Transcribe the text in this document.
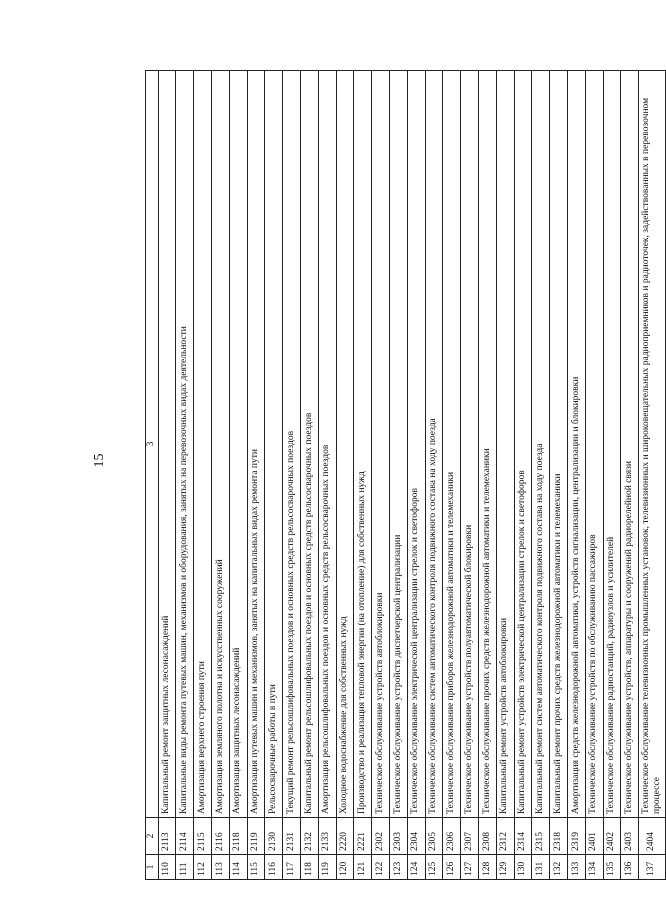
15
1	2	3
110	2113	Капитальный ремонт защитных лесонасаждений
111	2114	Капитальные виды ремонта путевых машин, механизмов и оборудования, занятых на перевозочных видах деятельности
112	2115	Амортизация верхнего строения пути
113	2116	Амортизация земляного полотна и искусственных сооружений
114	2118	Амортизация защитных лесонасаждений
115	2119	Амортизация путевых машин и механизмов, занятых на капитальных видах ремонта пути
116	2130	Рельсосварочные работы в пути
117	2131	Текущий ремонт рельсошлифовальных поездов и основных средств рельсосварочных поездов
118	2132	Капитальный ремонт рельсошлифовальных поездов и основных средств рельсосварочных поездов
119	2133	Амортизация рельсошлифовальных поездов и основных средств рельсосварочных поездов
120	2220	Холодное водоснабжение для собственных нужд
121	2221	Производство и реализация тепловой энергии (на отопление) для собственных нужд
122	2302	Техническое обслуживание устройств автоблокировки
123	2303	Техническое обслуживание устройств диспетчерской централизации
124	2304	Техническое обслуживание электрической централизации стрелок и светофоров
125	2305	Техническое обслуживание систем автоматического контроля подвижного состава на ходу поезда
126	2306	Техническое обслуживание приборов железнодорожной автоматики и телемеханики
127	2307	Техническое обслуживание устройств полуавтоматической блокировки
128	2308	Техническое обслуживание прочих средств железнодорожной автоматики и телемеханики
129	2312	Капитальный ремонт устройств автоблокировки
130	2314	Капитальный ремонт устройств электрической централизации стрелок и светофоров
131	2315	Капитальный ремонт систем автоматического контроля подвижного состава на ходу поезда
132	2318	Капитальный ремонт прочих средств железнодорожной автоматики и телемеханики
133	2319	Амортизация средств железнодорожной автоматики, устройств сигнализации, централизации и блокировки
134	2401	Техническое обслуживание устройств по обслуживанию пассажиров
135	2402	Техническое обслуживание радиостанций, радиоузлов и усилителей
136	2403	Техническое обслуживание устройств, аппаратуры и сооружений радиорелейной связи
137	2404	Техническое обслуживание телевизионных промышленных установок, телевизионных и широковещательных радиоприемников и радиоточек, задействованных в перевозочном процессе
